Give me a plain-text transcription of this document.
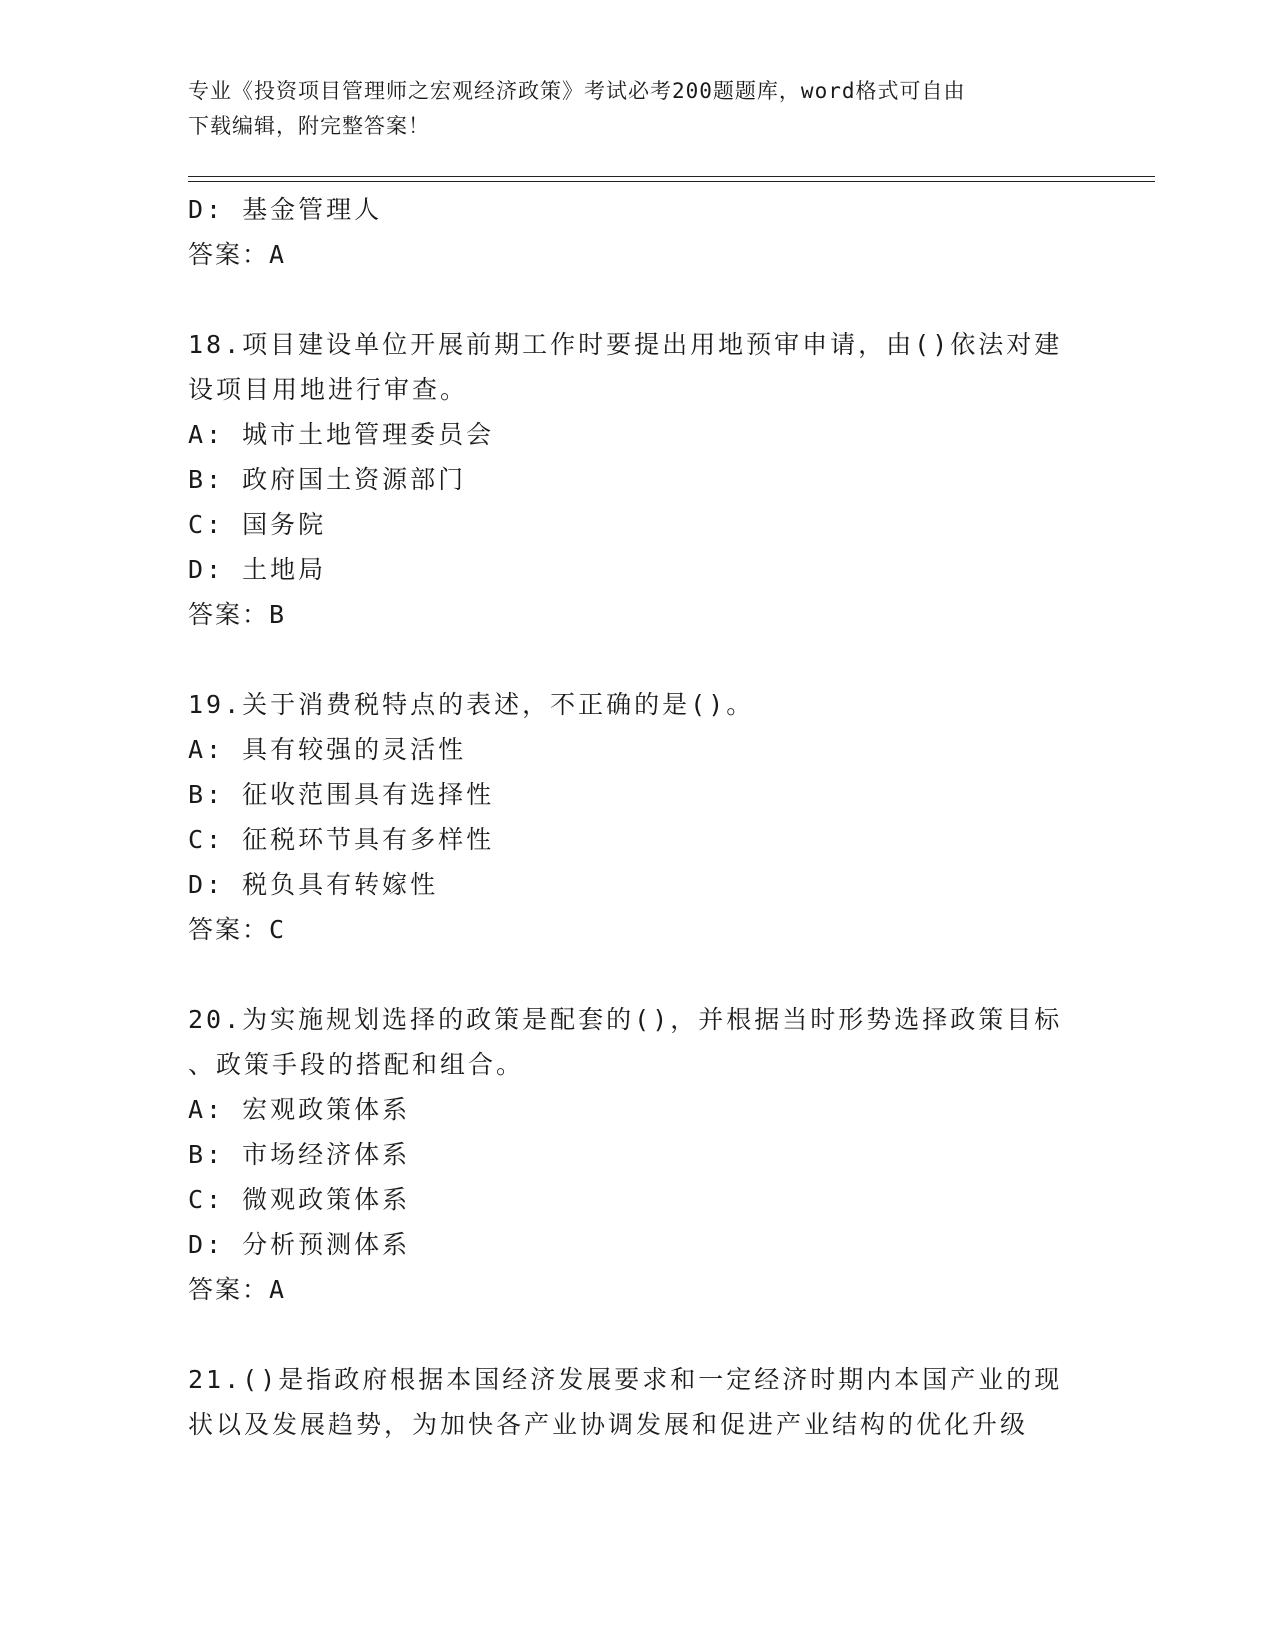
专业《投资项目管理师之宏观经济政策》考试必考200题题库，word格式可自由
下载编辑，附完整答案！

D: 基金管理人

答案：A

18.项目建设单位开展前期工作时要提出用地预审申请，由()依法对建

设项目用地进行审查。

A: 城市土地管理委员会

B: 政府国土资源部门

C: 国务院

D: 土地局

答案：B

19.关于消费税特点的表述，不正确的是()。

A: 具有较强的灵活性

B: 征收范围具有选择性

C: 征税环节具有多样性

D: 税负具有转嫁性

答案：C

20.为实施规划选择的政策是配套的()，并根据当时形势选择政策目标

、政策手段的搭配和组合。

A: 宏观政策体系

B: 市场经济体系

C: 微观政策体系

D: 分析预测体系

答案：A

21.()是指政府根据本国经济发展要求和一定经济时期内本国产业的现

状以及发展趋势，为加快各产业协调发展和促进产业结构的优化升级
